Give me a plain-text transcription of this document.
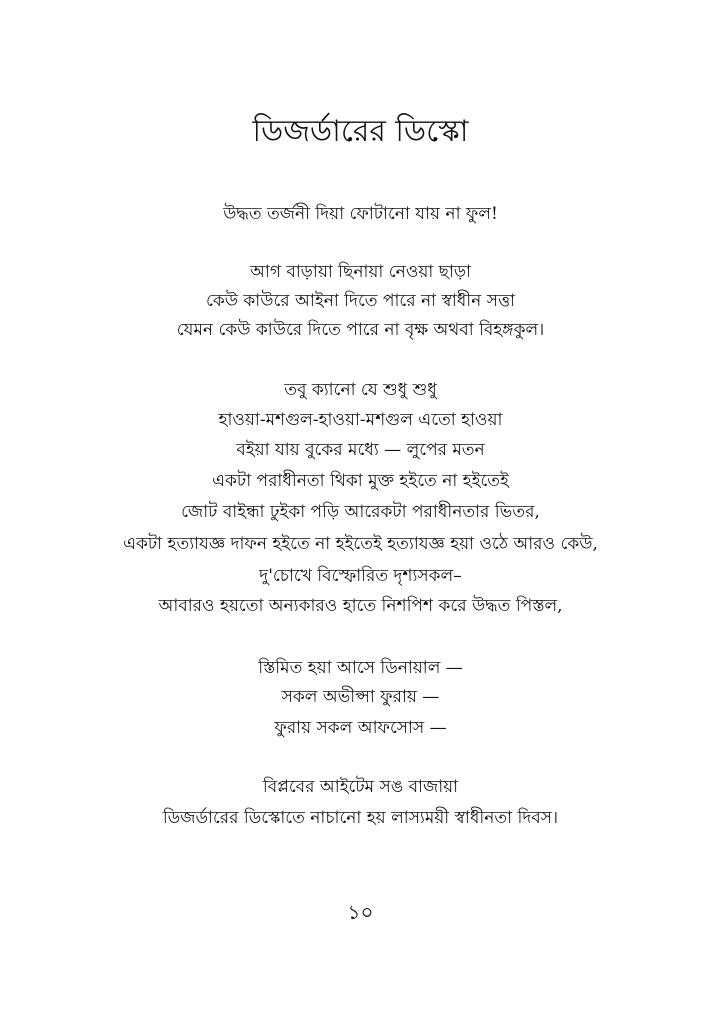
ডিজর্ডারের ডিস্কো
উদ্ধত তর্জনী দিয়া ফোটানো যায় না ফুল!
আগ বাড়ায়া ছিনায়া নেওয়া ছাড়া
কেউ কাউরে আইনা দিতে পারে না স্বাধীন সত্তা
যেমন কেউ কাউরে দিতে পারে না বৃক্ষ অথবা বিহঙ্গকুল।
তবু ক্যানো যে শুধু শুধু
হাওয়া-মশগুল-হাওয়া-মশগুল এতো হাওয়া
বইয়া যায় বুকের মধ্যে — লুপের মতন
একটা পরাধীনতা থিকা মুক্ত হইতে না হইতেই
জোট বাইন্ধা ঢুইকা পড়ি আরেকটা পরাধীনতার ভিতর,
একটা হত্যাযজ্ঞ দাফন হইতে না হইতেই হত্যাযজ্ঞ হয়া ওঠে আরও কেউ,
দু'চোখে বিস্ফোরিত দৃশ্যসকল–
আবারও হয়তো অন্যকারও হাতে নিশপিশ করে উদ্ধত পিস্তল,
স্তিমিত হয়া আসে ডিনায়াল —
সকল অভীপ্সা ফুরায় —
ফুরায় সকল আফসোস —
বিপ্লবের আইটেম সঙ বাজায়া
ডিজর্ডারের ডিস্কোতে নাচানো হয় লাস্যময়ী স্বাধীনতা দিবস।
১০
